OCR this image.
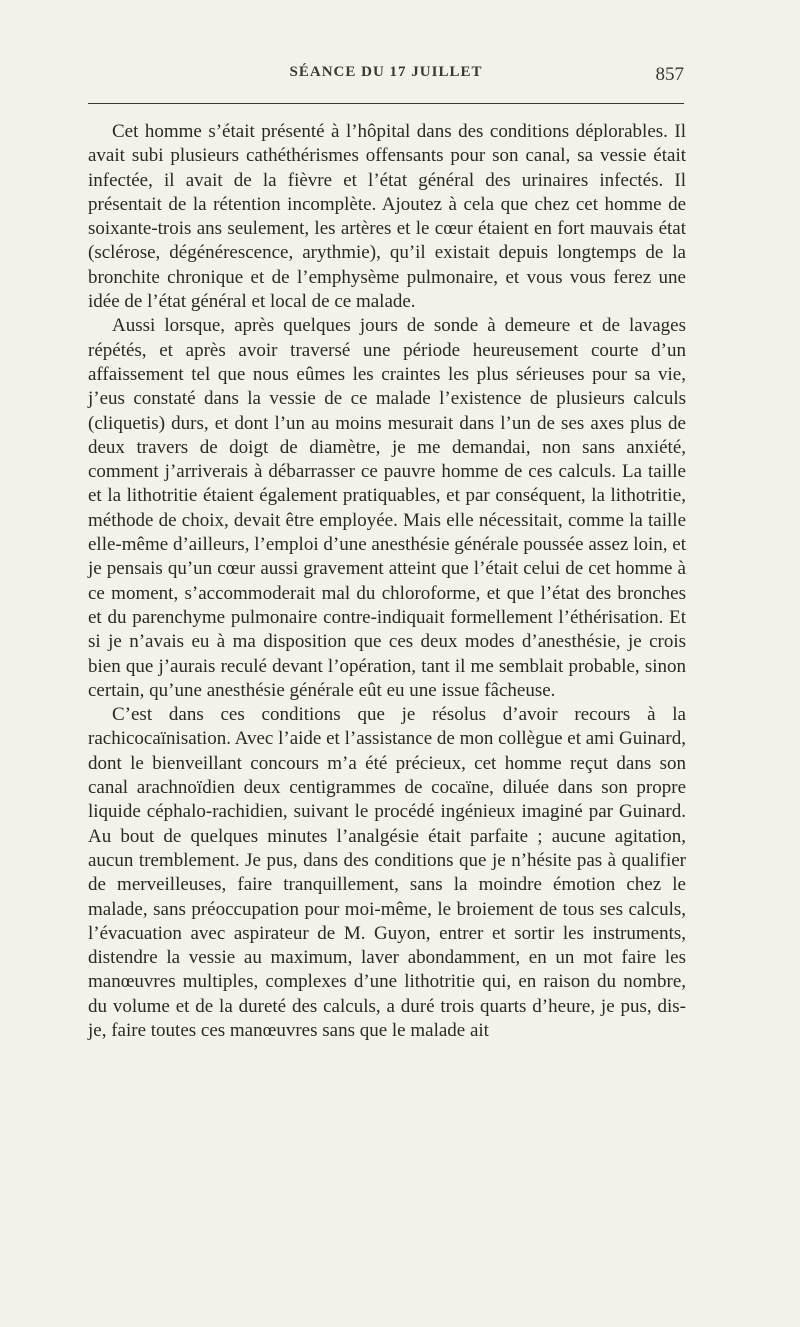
SÉANCE DU 17 JUILLET	857

Cet homme s’était présenté à l’hôpital dans des conditions déplorables. Il avait subi plusieurs cathéthérismes offensants pour son canal, sa vessie était infectée, il avait de la fièvre et l’état général des urinaires infectés. Il présentait de la rétention incomplète. Ajoutez à cela que chez cet homme de soixante-trois ans seulement, les artères et le cœur étaient en fort mauvais état (sclérose, dégénérescence, arythmie), qu’il existait depuis longtemps de la bronchite chronique et de l’emphysème pulmonaire, et vous vous ferez une idée de l’état général et local de ce malade.

Aussi lorsque, après quelques jours de sonde à demeure et de lavages répétés, et après avoir traversé une période heureusement courte d’un affaissement tel que nous eûmes les craintes les plus sérieuses pour sa vie, j’eus constaté dans la vessie de ce malade l’existence de plusieurs calculs (cliquetis) durs, et dont l’un au moins mesurait dans l’un de ses axes plus de deux travers de doigt de diamètre, je me demandai, non sans anxiété, comment j’arriverais à débarrasser ce pauvre homme de ces calculs. La taille et la lithotritie étaient également pratiquables, et par conséquent, la lithotritie, méthode de choix, devait être employée. Mais elle nécessitait, comme la taille elle-même d’ailleurs, l’emploi d’une anesthésie générale poussée assez loin, et je pensais qu’un cœur aussi gravement atteint que l’était celui de cet homme à ce moment, s’accommoderait mal du chloroforme, et que l’état des bronches et du parenchyme pulmonaire contre-indiquait formellement l’éthérisation. Et si je n’avais eu à ma disposition que ces deux modes d’anesthésie, je crois bien que j’aurais reculé devant l’opération, tant il me semblait probable, sinon certain, qu’une anesthésie générale eût eu une issue fâcheuse.

C’est dans ces conditions que je résolus d’avoir recours à la rachicocaïnisation. Avec l’aide et l’assistance de mon collègue et ami Guinard, dont le bienveillant concours m’a été précieux, cet homme reçut dans son canal arachnoïdien deux centigrammes de cocaïne, diluée dans son propre liquide céphalo-rachidien, suivant le procédé ingénieux imaginé par Guinard. Au bout de quelques minutes l’analgésie était parfaite ; aucune agitation, aucun tremblement. Je pus, dans des conditions que je n’hésite pas à qualifier de merveilleuses, faire tranquillement, sans la moindre émotion chez le malade, sans préoccupation pour moi-même, le broiement de tous ses calculs, l’évacuation avec aspirateur de M. Guyon, entrer et sortir les instruments, distendre la vessie au maximum, laver abondamment, en un mot faire les manœuvres multiples, complexes d’une lithotritie qui, en raison du nombre, du volume et de la dureté des calculs, a duré trois quarts d’heure, je pus, dis-je, faire toutes ces manœuvres sans que le malade ait
